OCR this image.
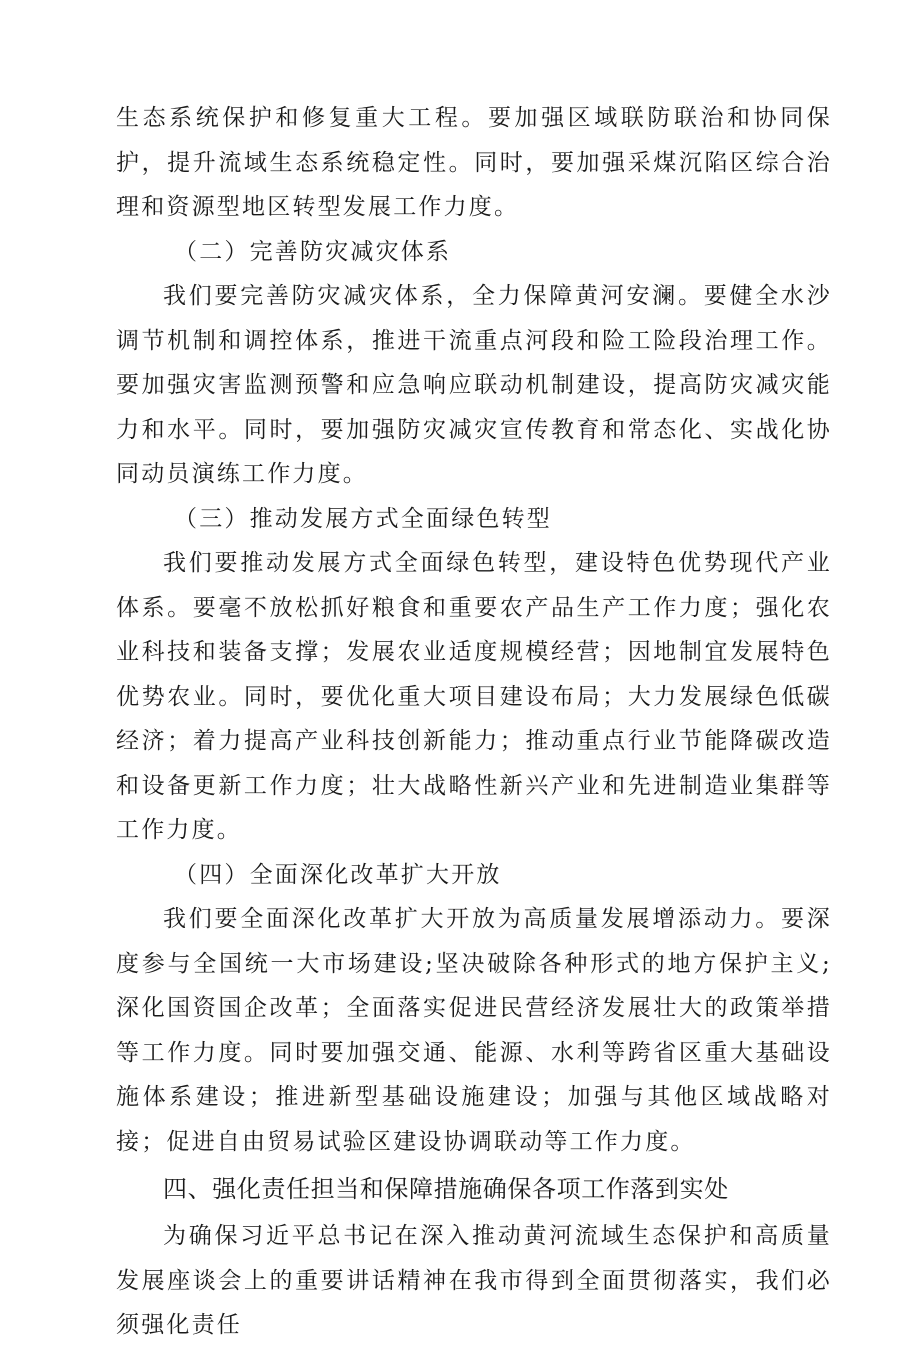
生态系统保护和修复重大工程。要加强区域联防联治和协同保护，提升流域生态系统稳定性。同时，要加强采煤沉陷区综合治理和资源型地区转型发展工作力度。

（二）完善防灾减灾体系

我们要完善防灾减灾体系，全力保障黄河安澜。要健全水沙调节机制和调控体系，推进干流重点河段和险工险段治理工作。要加强灾害监测预警和应急响应联动机制建设，提高防灾减灾能力和水平。同时，要加强防灾减灾宣传教育和常态化、实战化协同动员演练工作力度。

（三）推动发展方式全面绿色转型

我们要推动发展方式全面绿色转型，建设特色优势现代产业体系。要毫不放松抓好粮食和重要农产品生产工作力度；强化农业科技和装备支撑；发展农业适度规模经营；因地制宜发展特色优势农业。同时，要优化重大项目建设布局；大力发展绿色低碳经济；着力提高产业科技创新能力；推动重点行业节能降碳改造和设备更新工作力度；壮大战略性新兴产业和先进制造业集群等工作力度。

（四）全面深化改革扩大开放

我们要全面深化改革扩大开放为高质量发展增添动力。要深度参与全国统一大市场建设;坚决破除各种形式的地方保护主义;深化国资国企改革；全面落实促进民营经济发展壮大的政策举措等工作力度。同时要加强交通、能源、水利等跨省区重大基础设施体系建设；推进新型基础设施建设；加强与其他区域战略对接；促进自由贸易试验区建设协调联动等工作力度。

四、强化责任担当和保障措施确保各项工作落到实处

为确保习近平总书记在深入推动黄河流域生态保护和高质量发展座谈会上的重要讲话精神在我市得到全面贯彻落实，我们必须强化责任
